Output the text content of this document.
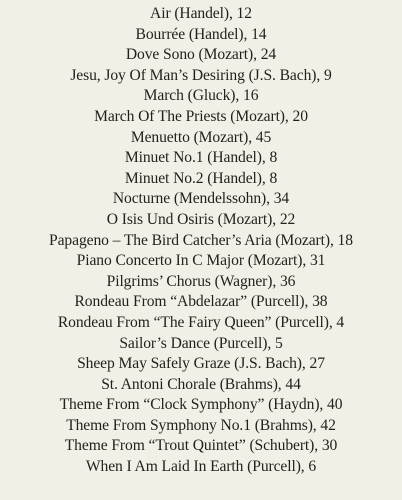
Air (Handel), 12
Bourrée (Handel), 14
Dove Sono (Mozart), 24
Jesu, Joy Of Man’s Desiring (J.S. Bach), 9
March (Gluck), 16
March Of The Priests (Mozart), 20
Menuetto (Mozart), 45
Minuet No.1 (Handel), 8
Minuet No.2 (Handel), 8
Nocturne (Mendelssohn), 34
O Isis Und Osiris (Mozart), 22
Papageno – The Bird Catcher’s Aria (Mozart), 18
Piano Concerto In C Major (Mozart), 31
Pilgrims’ Chorus (Wagner), 36
Rondeau From “Abdelazar” (Purcell), 38
Rondeau From “The Fairy Queen” (Purcell), 4
Sailor’s Dance (Purcell), 5
Sheep May Safely Graze (J.S. Bach), 27
St. Antoni Chorale (Brahms), 44
Theme From “Clock Symphony” (Haydn), 40
Theme From Symphony No.1 (Brahms), 42
Theme From “Trout Quintet” (Schubert), 30
When I Am Laid In Earth (Purcell), 6
